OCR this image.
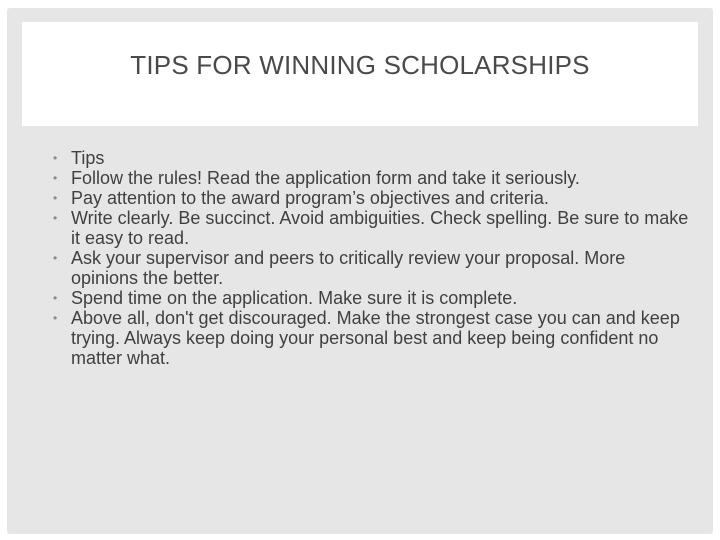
TIPS FOR WINNING SCHOLARSHIPS
• Tips
• Follow the rules! Read the application form and take it seriously.
• Pay attention to the award program’s objectives and criteria.
• Write clearly. Be succinct. Avoid ambiguities. Check spelling. Be sure to make it easy to read.
• Ask your supervisor and peers to critically review your proposal. More opinions the better.
• Spend time on the application. Make sure it is complete.
• Above all, don't get discouraged. Make the strongest case you can and keep trying. Always keep doing your personal best and keep being confident no matter what.
